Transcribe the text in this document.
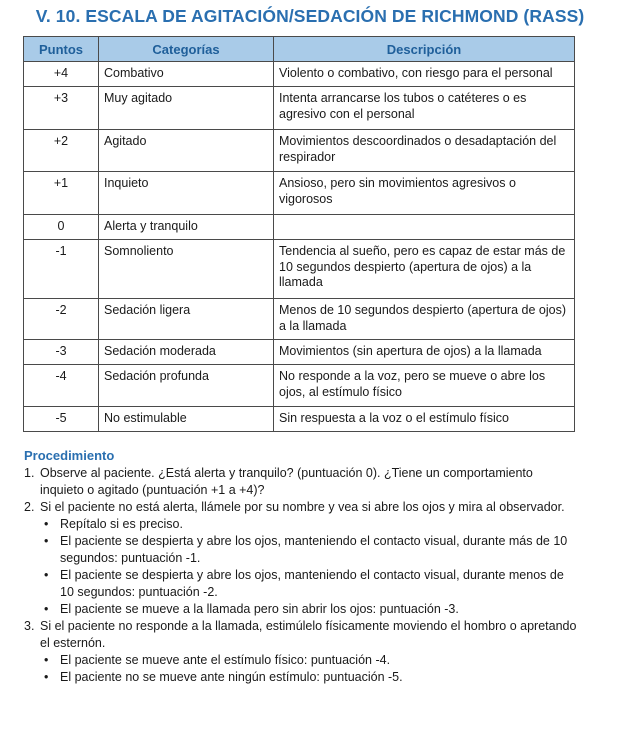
V. 10. ESCALA DE AGITACIÓN/SEDACIÓN DE RICHMOND (RASS)
Puntos	Categorías	Descripción
+4	Combativo	Violento o combativo, con riesgo para el personal
+3	Muy agitado	Intenta arrancarse los tubos o catéteres o es agresivo con el personal
+2	Agitado	Movimientos descoordinados o desadaptación del respirador
+1	Inquieto	Ansioso, pero sin movimientos agresivos o vigorosos
0	Alerta y tranquilo	
-1	Somnoliento	Tendencia al sueño, pero es capaz de estar más de 10 segundos despierto (apertura de ojos) a la llamada
-2	Sedación ligera	Menos de 10 segundos despierto (apertura de ojos) a la llamada
-3	Sedación moderada	Movimientos (sin apertura de ojos) a la llamada
-4	Sedación profunda	No responde a la voz, pero se mueve o abre los ojos, al estímulo físico
-5	No estimulable	Sin respuesta a la voz o el estímulo físico
Procedimiento
1. Observe al paciente. ¿Está alerta y tranquilo? (puntuación 0). ¿Tiene un comportamiento inquieto o agitado (puntuación +1 a +4)?
2. Si el paciente no está alerta, llámele por su nombre y vea si abre los ojos y mira al observador.
• Repítalo si es preciso.
• El paciente se despierta y abre los ojos, manteniendo el contacto visual, durante más de 10 segundos: puntuación -1.
• El paciente se despierta y abre los ojos, manteniendo el contacto visual, durante menos de 10 segundos: puntuación -2.
• El paciente se mueve a la llamada pero sin abrir los ojos: puntuación -3.
3. Si el paciente no responde a la llamada, estimúlelo físicamente moviendo el hombro o apretando el esternón.
• El paciente se mueve ante el estímulo físico: puntuación -4.
• El paciente no se mueve ante ningún estímulo: puntuación -5.
